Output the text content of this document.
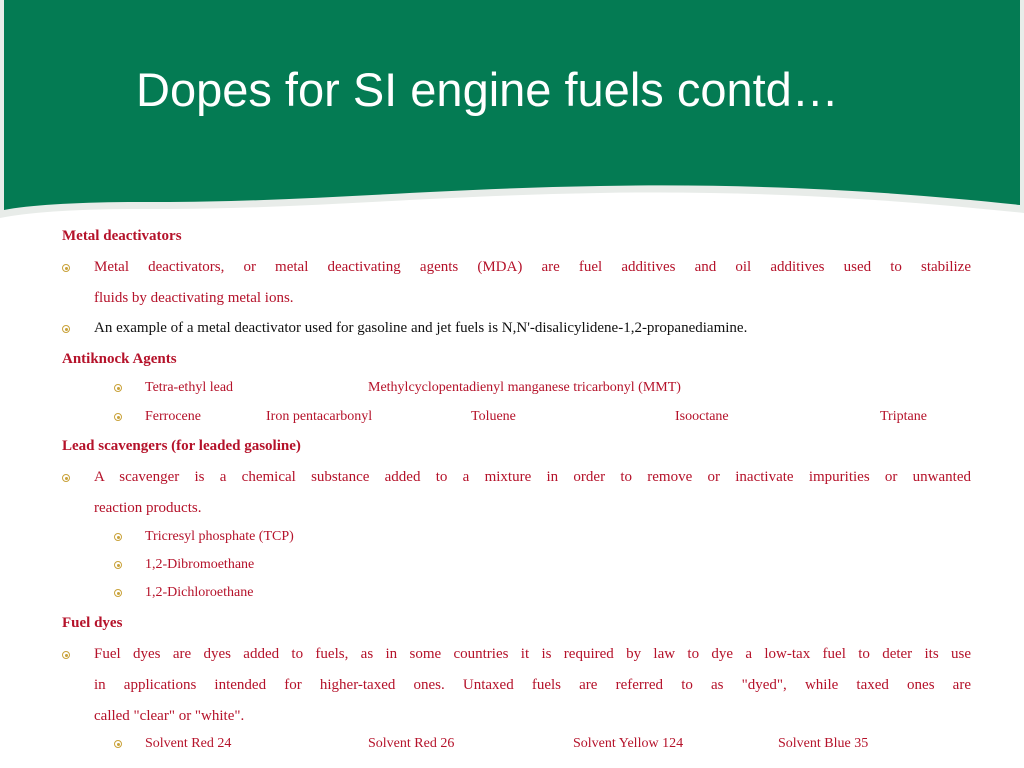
Dopes for SI engine fuels contd…
Metal deactivators
Metal deactivators, or metal deactivating agents (MDA) are fuel additives and oil additives used to stabilize
fluids by deactivating metal ions.
An example of a metal deactivator used for gasoline and jet fuels is N,N'-disalicylidene-1,2-propanediamine.
Antiknock Agents
Tetra-ethyl lead	Methylcyclopentadienyl manganese tricarbonyl (MMT)
Ferrocene	Iron pentacarbonyl	Toluene	Isooctane	Triptane
Lead scavengers (for leaded gasoline)
A scavenger is a chemical substance added to a mixture in order to remove or inactivate impurities or unwanted
reaction products.
Tricresyl phosphate (TCP)
1,2-Dibromoethane
1,2-Dichloroethane
Fuel dyes
Fuel dyes are dyes added to fuels, as in some countries it is required by law to dye a low-tax fuel to deter its use
in applications intended for higher-taxed ones. Untaxed fuels are referred to as "dyed", while taxed ones are
called "clear" or "white".
Solvent Red 24	Solvent Red 26	Solvent Yellow 124	Solvent Blue 35
